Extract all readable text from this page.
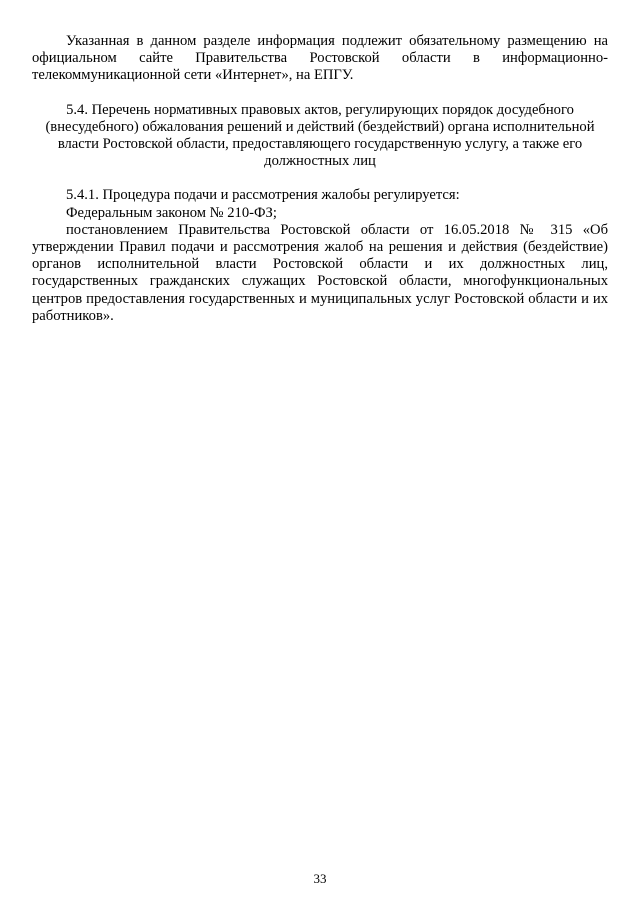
Указанная в данном разделе информация подлежит обязательному размещению на официальном сайте Правительства Ростовской области в информационно-телекоммуникационной сети «Интернет», на ЕПГУ.

5.4. Перечень нормативных правовых актов, регулирующих порядок досудебного (внесудебного) обжалования решений и действий (бездействий) органа исполнительной власти Ростовской области, предоставляющего государственную услугу, а также его должностных лиц

5.4.1. Процедура подачи и рассмотрения жалобы регулируется:

Федеральным законом № 210-ФЗ;

постановлением Правительства Ростовской области от 16.05.2018 № 315 «Об утверждении Правил подачи и рассмотрения жалоб на решения и действия (бездействие) органов исполнительной власти Ростовской области и их должностных лиц, государственных гражданских служащих Ростовской области, многофункциональных центров предоставления государственных и муниципальных услуг Ростовской области и их работников».

33
